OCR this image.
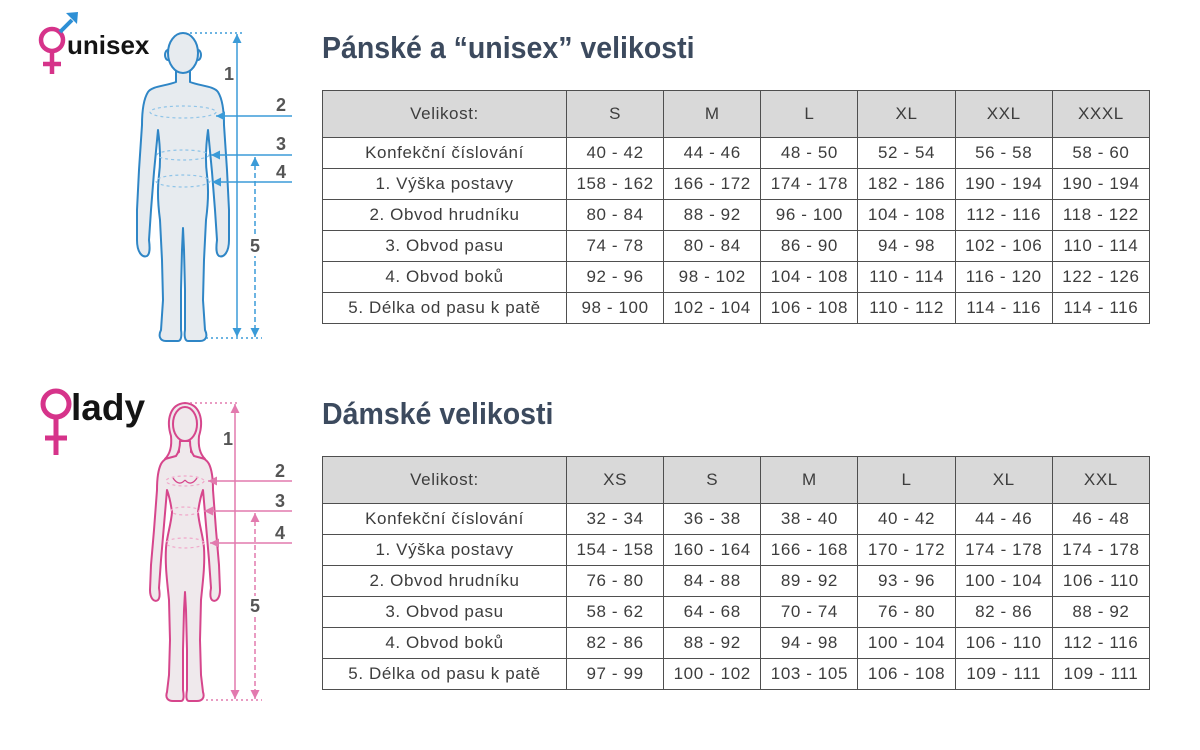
1
2
3
4
5
1
2
3
4
5
unisex
lady
Pánské a “unisex” velikosti
Dámské velikosti
Velikost:	S	M	L	XL	XXL	XXXL
Konfekční číslování	40 - 42	44 - 46	48 - 50	52 - 54	56 - 58	58 - 60
1. Výška postavy	158 - 162	166 - 172	174 - 178	182 - 186	190 - 194	190 - 194
2. Obvod hrudníku	80 - 84	88 - 92	96 - 100	104 - 108	112 - 116	118 - 122
3. Obvod pasu	74 - 78	80 - 84	86 - 90	94 - 98	102 - 106	110 - 114
4. Obvod boků	92 - 96	98 - 102	104 - 108	110 - 114	116 - 120	122 - 126
5. Délka od pasu k patě	98 - 100	102 - 104	106 - 108	110 - 112	114 - 116	114 - 116
Velikost:	XS	S	M	L	XL	XXL
Konfekční číslování	32 - 34	36 - 38	38 - 40	40 - 42	44 - 46	46 - 48
1. Výška postavy	154 - 158	160 - 164	166 - 168	170 - 172	174 - 178	174 - 178
2. Obvod hrudníku	76 - 80	84 - 88	89 - 92	93 - 96	100 - 104	106 - 110
3. Obvod pasu	58 - 62	64 - 68	70 - 74	76 - 80	82 - 86	88 - 92
4. Obvod boků	82 - 86	88 - 92	94 - 98	100 - 104	106 - 110	112 - 116
5. Délka od pasu k patě	97 - 99	100 - 102	103 - 105	106 - 108	109 - 111	109 - 111
